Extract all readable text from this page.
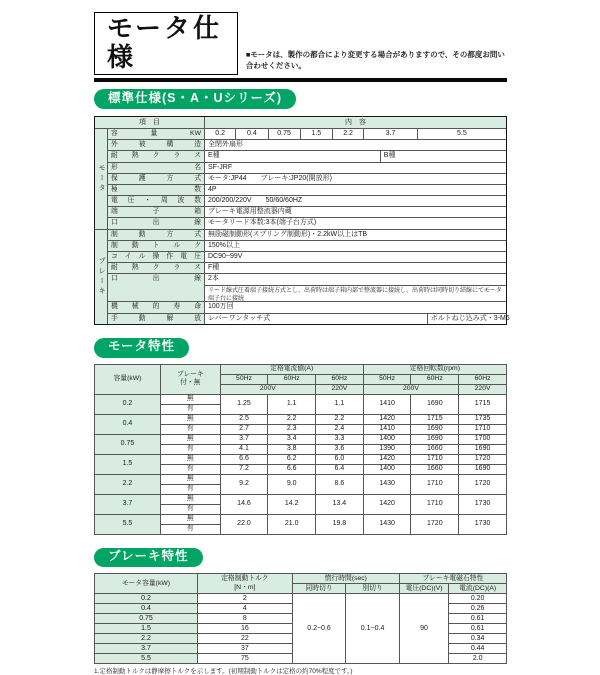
モータ仕様	■モータは、製作の都合により変更する場合がありますので、その都度お問い合わせください。
標準仕様(S・A・Uシリーズ)
項　目	内　容
モータ
容量KW	0.2	0.4	0.75	1.5	2.2	3.7	5.5
外被構造	全閉外扇形
耐熱クラス	E種	B種
形名	SF-JRF
保護方式	モータ:JP44　　ブレーキ:JP20(開放形)
極数	4P
電圧・周波数	200/200/220V　　50/60/60HZ
端子箱	ブレーキ電源用整流器内蔵
口出線	モータリード本数:3本(端子台方式)
ブレーキ
制動方式	無励磁制動形(スプリング制動形)・2.2kW以上はTB
制動トルク	150%以上
コイル操作電圧	DC90~99V
耐熱クラス	F種
口出線	2本
リード線式圧着端子接続方式とし、出荷時は端子箱内部で整流器に接続し、出荷時は同時切り結線にてモータ端子台に接続
機械的寿命	100万回
手動解放	レバーワンタッチ式	ボルトねじ込み式・3-M6
モータ特性
容量(kW)	ブレーキ
付・無	定格電流値(A)			定格回転数(rpm)		
		50Hz	60Hz	60Hz	50Hz	60Hz	60Hz
		200V		220V	200V		220V
0.2	無	1.25	1.1	1.1	1410	1690	1715
	有						
0.4	無	2.5	2.2	2.2	1420	1715	1735
	有	2.7	2.3	2.4	1410	1690	1710
0.75	無	3.7	3.4	3.3	1400	1690	1700
	有	4.1	3.8	3.6	1390	1660	1690
1.5	無	6.6	6.2	6.0	1420	1710	1720
	有	7.2	6.6	6.4	1400	1660	1690
2.2	無	9.2	9.0	8.6	1430	1710	1720
	有						
3.7	無	14.6	14.2	13.4	1420	1710	1730
	有						
5.5	無	22.0	21.0	19.8	1430	1720	1730
	有						
ブレーキ特性
モータ容量(kW)	定格制動トルク
[N・m]	惰行時間(sec)		ブレーキ電磁石特性	
		同時切り	別切り	電圧(DC)(V)	電流(DC)(A)
0.2	2	0.2~0.6	0.1~0.4	90	0.20
0.4	4				0.26
0.75	8				0.61
1.5	16				0.61
2.2	22				0.34
3.7	37				0.44
5.5	75				2.0
1.定格制動トルクは静摩擦トルクを示します。(初期制動トルクは定格の約70%程度です。)
